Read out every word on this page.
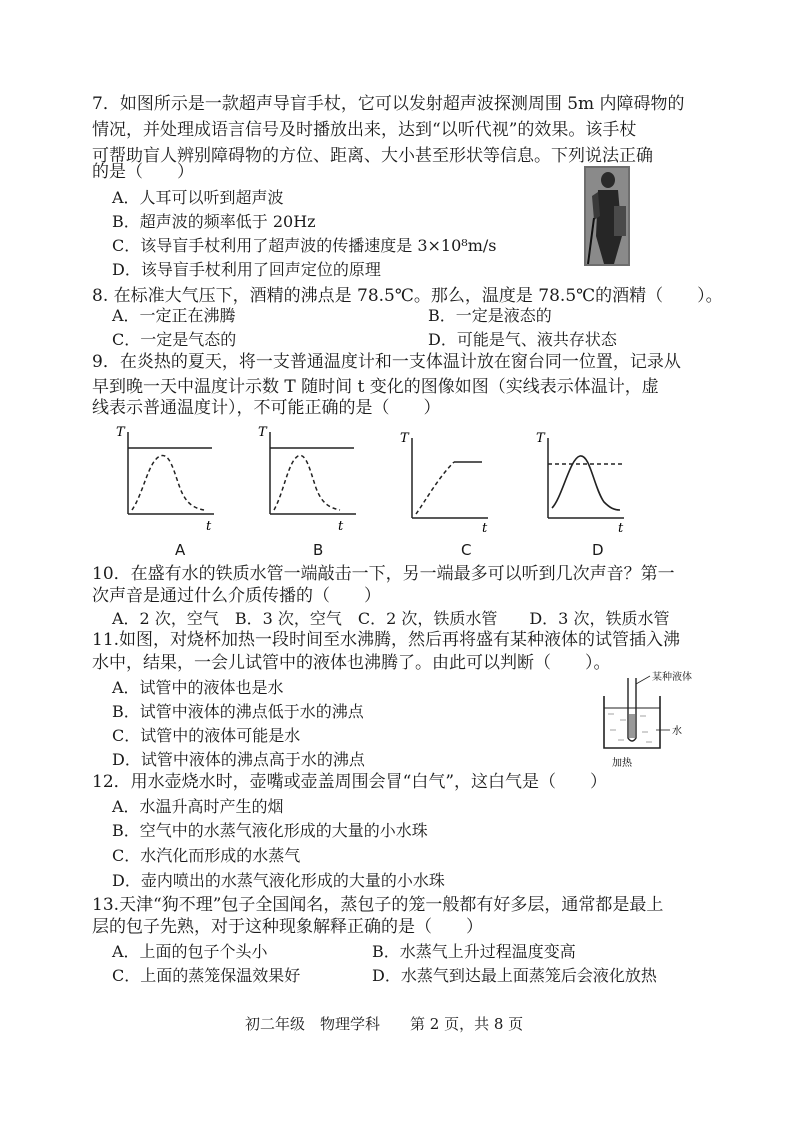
7．如图所示是一款超声导盲手杖，它可以发射超声波探测周围 5m 内障碍物的
情况，并处理成语言信号及时播放出来，达到“以听代视”的效果。该手杖
可帮助盲人辨别障碍物的方位、距离、大小甚至形状等信息。下列说法正确
的是（　　）
A．人耳可以听到超声波
B．超声波的频率低于 20Hz
C．该导盲手杖利用了超声波的传播速度是 3×10⁸m/s
D．该导盲手杖利用了回声定位的原理
8. 在标准大气压下，酒精的沸点是 78.5℃。那么，温度是 78.5℃的酒精（　　）。
A．一定正在沸腾	B．一定是液态的
C．一定是气态的	D．可能是气、液共存状态
9．在炎热的夏天，将一支普通温度计和一支体温计放在窗台同一位置，记录从
早到晚一天中温度计示数 T 随时间 t 变化的图像如图（实线表示体温计，虚
线表示普通温度计），不可能正确的是（　　）
T
t
A
T
t
B
T
t
C
T
t
D
10．在盛有水的铁质水管一端敲击一下，另一端最多可以听到几次声音？第一
次声音是通过什么介质传播的（　　）
A．2 次，空气　B．3 次，空气　C．2 次，铁质水管　　D．3 次，铁质水管
11.如图，对烧杯加热一段时间至水沸腾，然后再将盛有某种液体的试管插入沸
水中，结果，一会儿试管中的液体也沸腾了。由此可以判断（　　）。
A．试管中的液体也是水
B．试管中液体的沸点低于水的沸点
C．试管中的液体可能是水
D．试管中液体的沸点高于水的沸点
水
加热
某种液体
12．用水壶烧水时，壶嘴或壶盖周围会冒“白气”，这白气是（　　）
A．水温升高时产生的烟
B．空气中的水蒸气液化形成的大量的小水珠
C．水汽化而形成的水蒸气
D．壶内喷出的水蒸气液化形成的大量的小水珠
13.天津“狗不理”包子全国闻名，蒸包子的笼一般都有好多层，通常都是最上
层的包子先熟，对于这种现象解释正确的是（　　）
A．上面的包子个头小	B．水蒸气上升过程温度变高
C．上面的蒸笼保温效果好	D．水蒸气到达最上面蒸笼后会液化放热
初二年级　物理学科　　第 2 页，共 8 页
